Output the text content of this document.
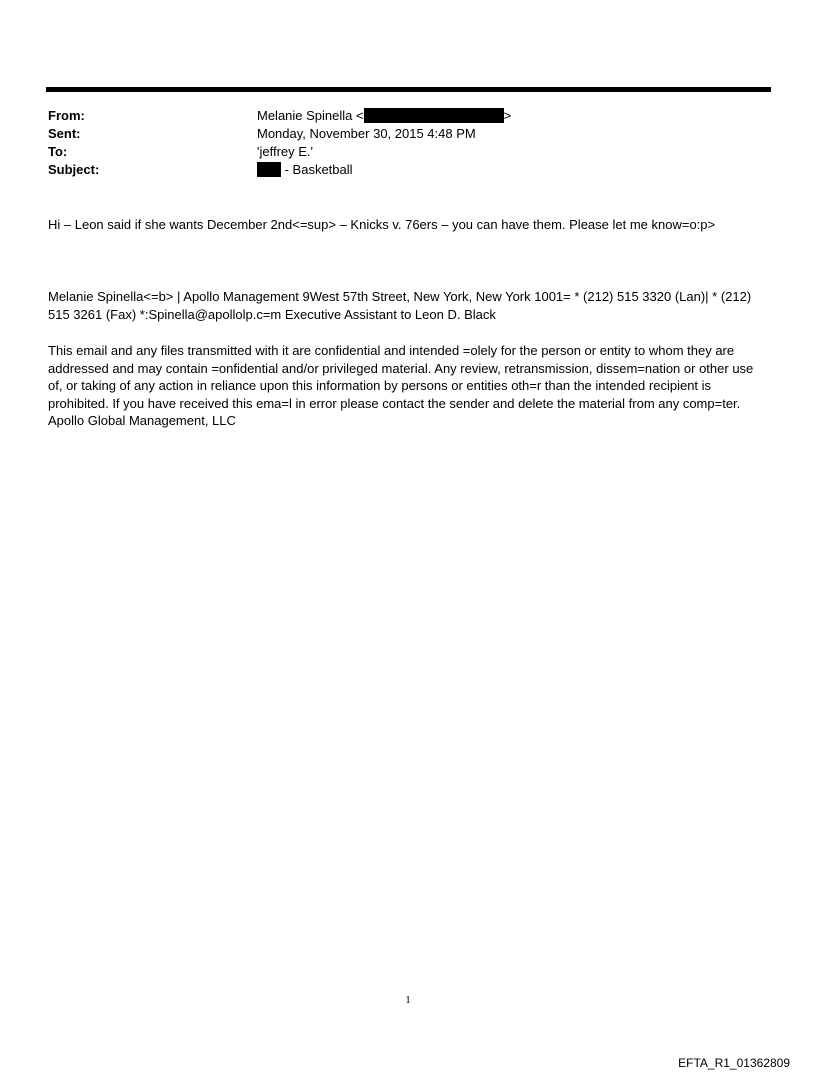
From:	Melanie Spinella <	>
Sent:	Monday, November 30, 2015 4:48 PM
To:	'jeffrey E.'
Subject:	- Basketball
Hi – Leon said if she wants December 2nd<=sup> – Knicks v. 76ers – you can have them. Please let me know=o:p>
Melanie Spinella<=b> | Apollo Management 9West 57th Street, New York, New York 1001= * (212) 515 3320 (Lan)| * (212) 515 3261 (Fax) *:Spinella@apollolp.c=m Executive Assistant to Leon D. Black
This email and any files transmitted with it are confidential and intended =olely for the person or entity to whom they are addressed and may contain =onfidential and/or privileged material. Any review, retransmission, dissem=nation or other use of, or taking of any action in reliance upon this information by persons or entities oth=r than the intended recipient is prohibited. If you have received this ema=l in error please contact the sender and delete the material from any comp=ter. Apollo Global Management, LLC
1
EFTA_R1_01362809
